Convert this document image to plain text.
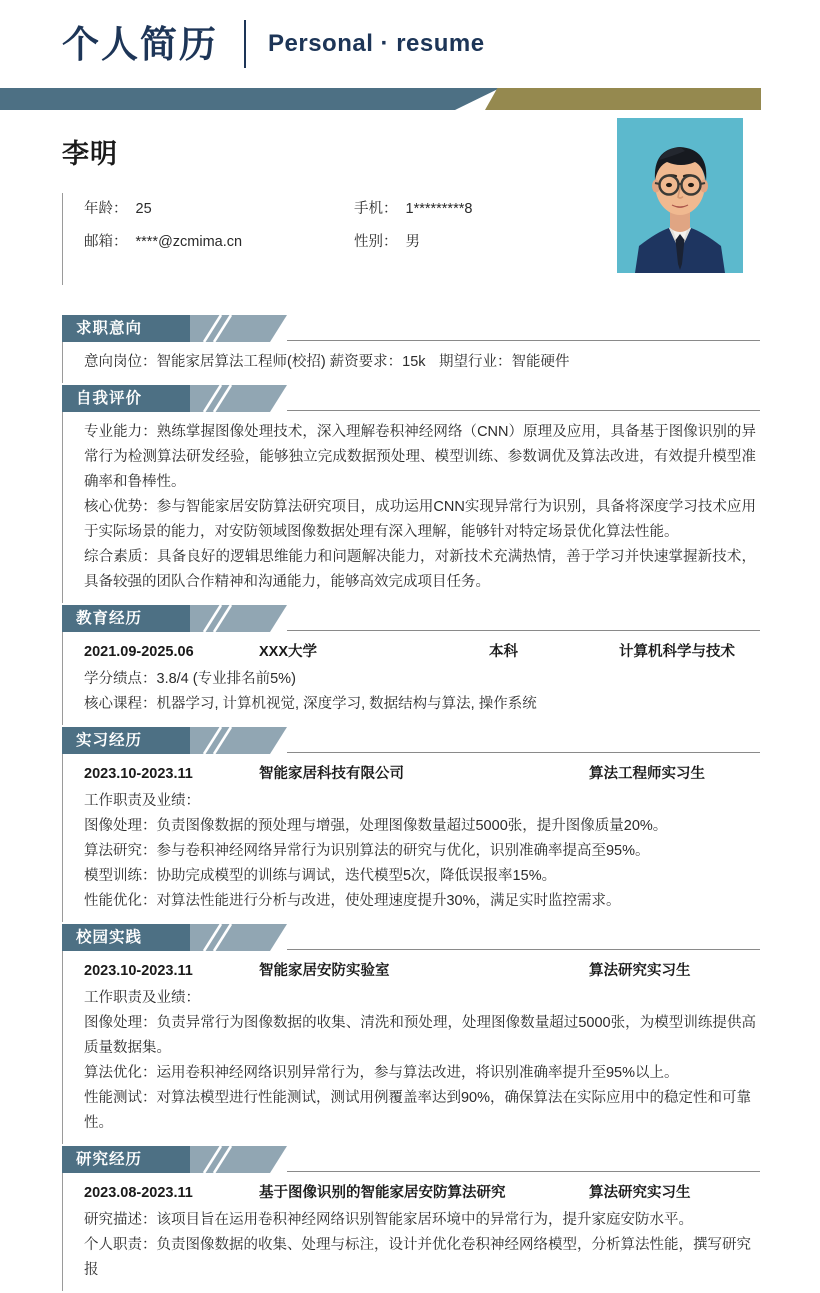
个人简历 Personal · resume
李明
年龄： 25	手机： 1*********8
邮箱： ****@zcmima.cn	性别： 男
求职意向
意向岗位：智能家居算法工程师(校招) 薪资要求：15k 期望行业：智能硬件
自我评价
专业能力：熟练掌握图像处理技术，深入理解卷积神经网络（CNN）原理及应用，具备基于图像识别的异常行为检测算法研发经验，能够独立完成数据预处理、模型训练、参数调优及算法改进，有效提升模型准确率和鲁棒性。
核心优势：参与智能家居安防算法研究项目，成功运用CNN实现异常行为识别，具备将深度学习技术应用于实际场景的能力，对安防领域图像数据处理有深入理解，能够针对特定场景优化算法性能。
综合素质：具备良好的逻辑思维能力和问题解决能力，对新技术充满热情，善于学习并快速掌握新技术，具备较强的团队合作精神和沟通能力，能够高效完成项目任务。
教育经历
2021.09-2025.06	XXX大学	本科	计算机科学与技术
学分绩点：3.8/4 (专业排名前5%)
核心课程：机器学习, 计算机视觉, 深度学习, 数据结构与算法, 操作系统
实习经历
2023.10-2023.11	智能家居科技有限公司	算法工程师实习生
工作职责及业绩：
图像处理：负责图像数据的预处理与增强，处理图像数量超过5000张，提升图像质量20%。
算法研究：参与卷积神经网络异常行为识别算法的研究与优化，识别准确率提高至95%。
模型训练：协助完成模型的训练与调试，迭代模型5次，降低误报率15%。
性能优化：对算法性能进行分析与改进，使处理速度提升30%，满足实时监控需求。
校园实践
2023.10-2023.11	智能家居安防实验室	算法研究实习生
工作职责及业绩：
图像处理：负责异常行为图像数据的收集、清洗和预处理，处理图像数量超过5000张，为模型训练提供高质量数据集。
算法优化：运用卷积神经网络识别异常行为，参与算法改进，将识别准确率提升至95%以上。
性能测试：对算法模型进行性能测试，测试用例覆盖率达到90%，确保算法在实际应用中的稳定性和可靠性。
研究经历
2023.08-2023.11	基于图像识别的智能家居安防算法研究	算法研究实习生
研究描述：该项目旨在运用卷积神经网络识别智能家居环境中的异常行为，提升家庭安防水平。
个人职责：负责图像数据的收集、处理与标注，设计并优化卷积神经网络模型，分析算法性能，撰写研究报
